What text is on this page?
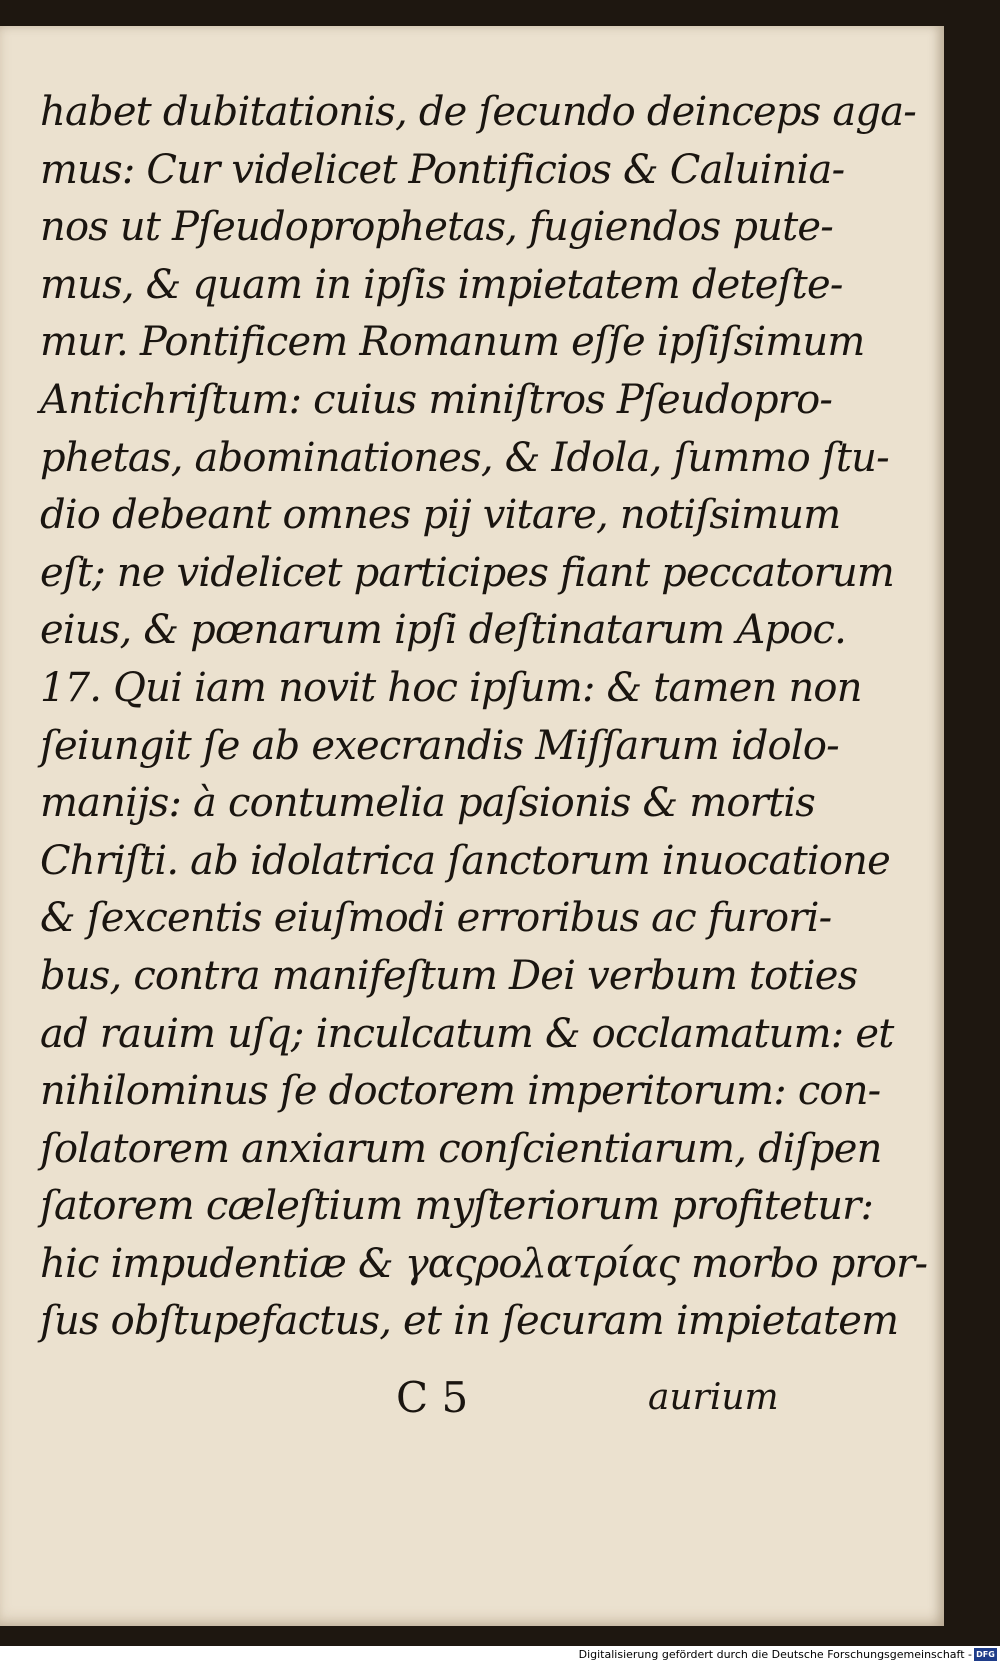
habet dubitationis, de ſecundo deinceps aga-
mus: Cur videlicet Pontificios & Caluinia-
nos ut Pſeudoprophetas, fugiendos pute-
mus, & quam in ipſis impietatem deteſte-
mur. Pontificem Romanum eſſe ipſiſsimum
Antichriſtum: cuius miniſtros Pſeudopro-
phetas, abominationes, & Idola, ſummo ſtu-
dio debeant omnes pij vitare, notiſsimum
eſt; ne videlicet participes fiant peccatorum
eius, & pœnarum ipſi deſtinatarum Apoc.
17. Qui iam novit hoc ipſum: & tamen non
ſeiungit ſe ab execrandis Miſſarum idolo-
manijs: à contumelia paſsionis & mortis
Chriſti. ab idolatrica ſanctorum inuocatione
& ſexcentis eiuſmodi erroribus ac furori-
bus, contra manifeſtum Dei verbum toties
ad rauim uſq; inculcatum & occlamatum: et
nihilominus ſe doctorem imperitorum: con-
ſolatorem anxiarum conſcientiarum, diſpen
ſatorem cæleſtium myſteriorum profitetur:
hic impudentiæ & γαςρολατρίας morbo pror-
ſus obſtupefactus, et in ſecuram impietatem
C 5	aurium
Digitalisierung gefördert durch die Deutsche Forschungsgemeinschaft - DFG
